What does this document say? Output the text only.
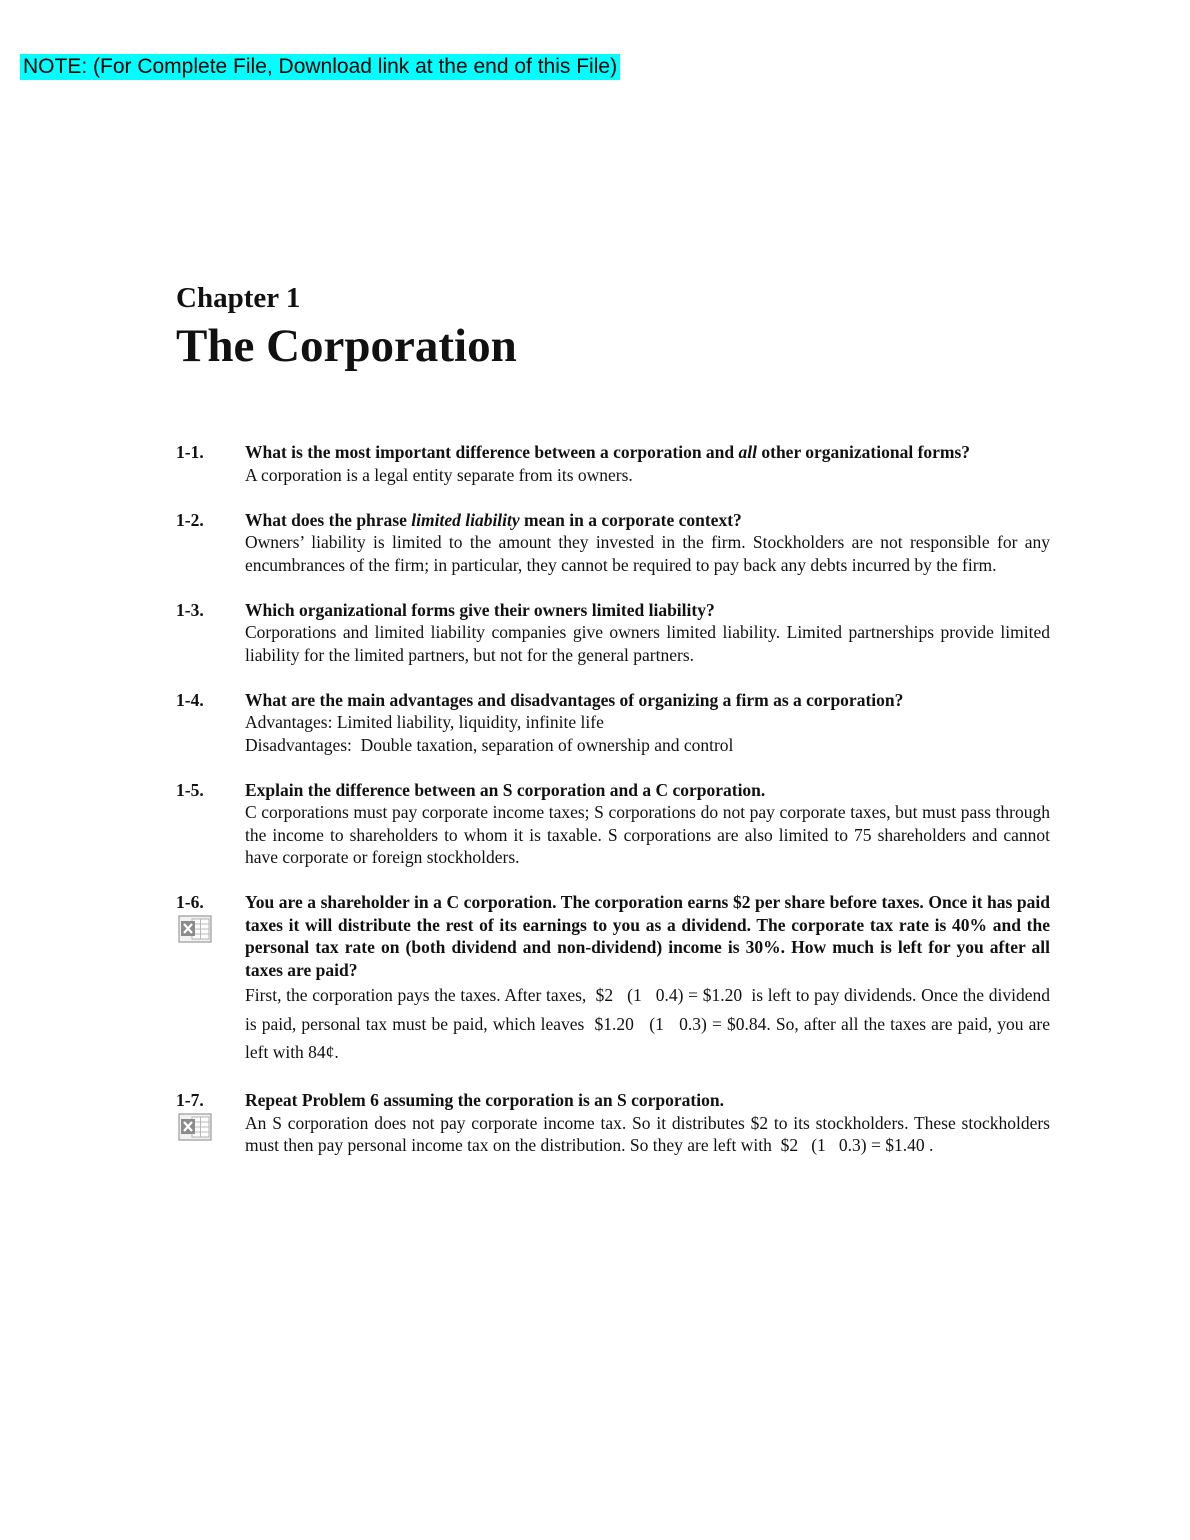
NOTE: (For Complete File, Download link at the end of this File)
Chapter 1
The Corporation
1-1. What is the most important difference between a corporation and all other organizational forms?
A corporation is a legal entity separate from its owners.
1-2. What does the phrase limited liability mean in a corporate context?
Owners’ liability is limited to the amount they invested in the firm. Stockholders are not responsible for any encumbrances of the firm; in particular, they cannot be required to pay back any debts incurred by the firm.
1-3. Which organizational forms give their owners limited liability?
Corporations and limited liability companies give owners limited liability. Limited partnerships provide limited liability for the limited partners, but not for the general partners.
1-4. What are the main advantages and disadvantages of organizing a firm as a corporation?

Advantages: Limited liability, liquidity, infinite life

Disadvantages:  Double taxation, separation of ownership and control

1-5. Explain the difference between an S corporation and a C corporation.
C corporations must pay corporate income taxes; S corporations do not pay corporate taxes, but must pass through the income to shareholders to whom it is taxable. S corporations are also limited to 75 shareholders and cannot have corporate or foreign stockholders.
1-6. You are a shareholder in a C corporation. The corporation earns $2 per share before taxes. Once it has paid taxes it will distribute the rest of its earnings to you as a dividend. The corporate tax rate is 40% and the personal tax rate on (both dividend and non-dividend) income is 30%. How much is left for you after all taxes are paid?
First, the corporation pays the taxes. After taxes,  $2   (1   0.4) = $1.20  is left to pay dividends. Once the dividend is paid, personal tax must be paid, which leaves  $1.20   (1   0.3) = $0.84. So, after all the taxes are paid, you are left with 84¢.
1-7. Repeat Problem 6 assuming the corporation is an S corporation.
An S corporation does not pay corporate income tax. So it distributes $2 to its stockholders. These stockholders must then pay personal income tax on the distribution. So they are left with  $2   (1   0.3) = $1.40 .
